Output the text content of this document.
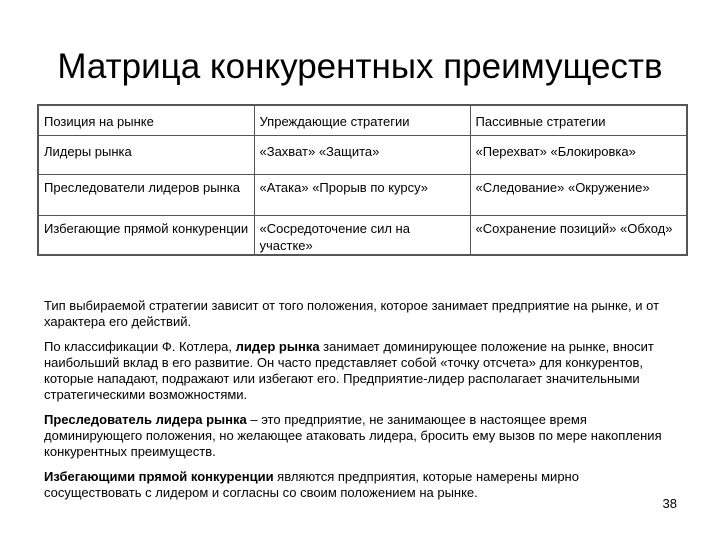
Матрица конкурентных преимуществ
Позиция на рынке	Упреждающие стратегии	Пассивные стратегии
Лидеры рынка	«Захват» «Защита»	«Перехват» «Блокировка»
Преследователи лидеров рынка	«Атака» «Прорыв по курсу»	«Следование» «Окружение»
Избегающие прямой конкуренции	«Сосредоточение сил на участке»	«Сохранение позиций» «Обход»

Тип выбираемой стратегии зависит от того положения, которое занимает предприятие на рынке, и от характера его действий.

По классификации Ф. Котлера, лидер рынка занимает доминирующее положение на рынке, вносит наибольший вклад в его развитие. Он часто представляет собой «точку отсчета» для конкурентов, которые нападают, подражают или избегают его. Предприятие-лидер располагает значительными стратегическими возможностями.

Преследователь лидера рынка – это предприятие, не занимающее в настоящее время доминирующего положения, но желающее атаковать лидера, бросить ему вызов по мере накопления конкурентных преимуществ.

Избегающими прямой конкуренции являются предприятия, которые намерены мирно сосуществовать с лидером и согласны со своим положением на рынке.

38
